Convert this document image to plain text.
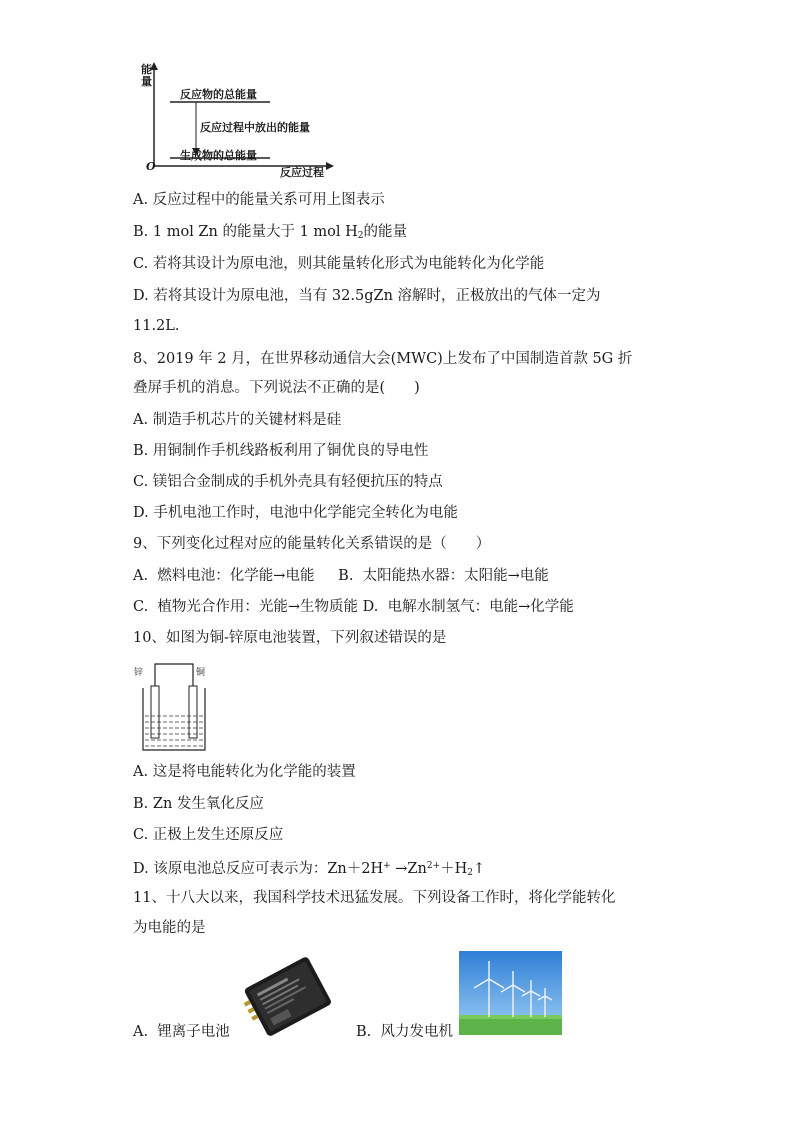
能量
O	反应过程
反应物的总能量
反应过程中放出的能量
生成物的总能量
A. 反应过程中的能量关系可用上图表示
B. 1 mol Zn 的能量大于 1 mol $H_2$的能量
C. 若将其设计为原电池，则其能量转化形式为电能转化为化学能
D. 若将其设计为原电池，当有 32.5gZn 溶解时，正极放出的气体一定为
11.2L.
8、2019 年 2 月，在世界移动通信大会(MWC)上发布了中国制造首款 5G 折
叠屏手机的消息。下列说法不正确的是(　　)
A. 制造手机芯片的关键材料是硅
B. 用铜制作手机线路板利用了铜优良的导电性
C. 镁铝合金制成的手机外壳具有轻便抗压的特点
D. 手机电池工作时，电池中化学能完全转化为电能
9、下列变化过程对应的能量转化关系错误的是（　　）
A.  燃料电池：化学能→电能　  B.  太阳能热水器：太阳能→电能
C.  植物光合作用：光能→生物质能 D.  电解水制氢气：电能→化学能
10、如图为铜-锌原电池装置，下列叙述错误的是
锌	铜
A. 这是将电能转化为化学能的装置
B. Zn 发生氧化反应
C. 正极上发生还原反应
D. 该原电池总反应可表示为：$Zn+2H^+ \to Zn^{2+}+H_2↑$
11、十八大以来，我国科学技术迅猛发展。下列设备工作时，将化学能转化
为电能的是
A.  锂离子电池	B.  风力发电机
